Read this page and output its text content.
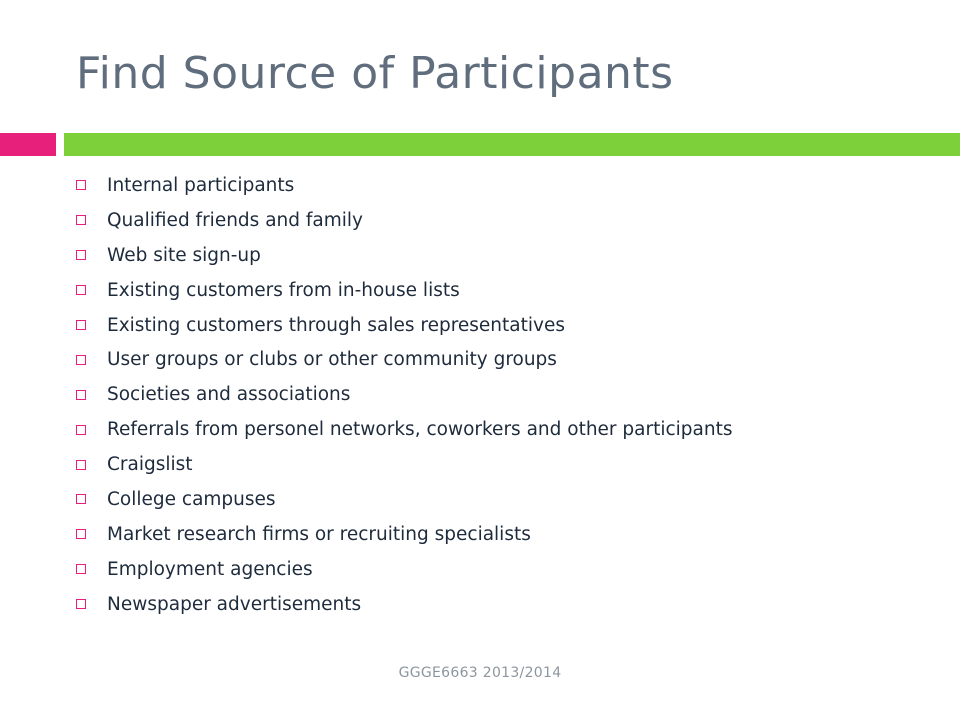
Find Source of Participants
Internal participants
Qualified friends and family
Web site sign-up
Existing customers from in-house lists
Existing customers through sales representatives
User groups or clubs or other community groups
Societies and associations
Referrals from personel networks, coworkers and other participants
Craigslist
College campuses
Market research firms or recruiting specialists
Employment agencies
Newspaper advertisements
GGGE6663 2013/2014
